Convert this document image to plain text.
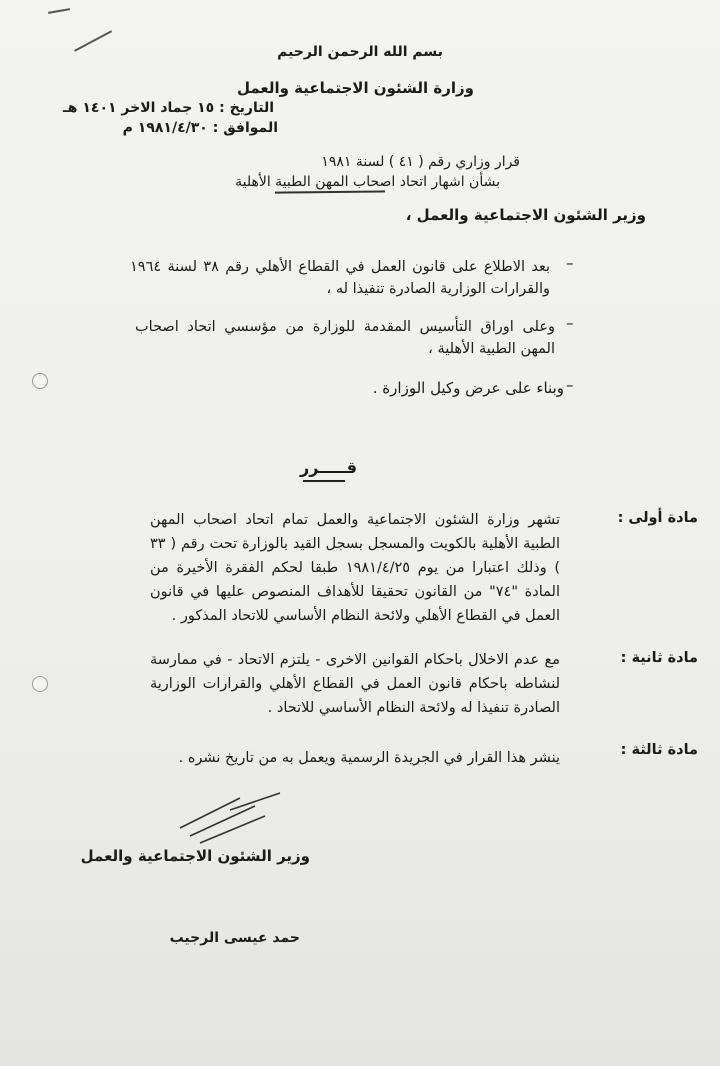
بسم الله الرحمن الرحيم
وزارة الشئون الاجتماعية والعمل
التاريخ : ١٥ جماد الاخر ١٤٠١ هـ
الموافق : ١٩٨١/٤/٣٠ م
قرار وزاري رقم ( ٤١ ) لسنة ١٩٨١
بشأن اشهار اتحاد اصحاب المهن الطبية الأهلية
وزير الشئون الاجتماعية والعمل ،
–
بعد الاطلاع على قانون العمل في القطاع الأهلي رقم ٣٨ لسنة ١٩٦٤ والقرارات الوزارية الصادرة تنفيذا له ،
–
وعلى اوراق التأسيس المقدمة للوزارة من مؤسسي اتحاد اصحاب المهن الطبية الأهلية ،
–
وبناء على عرض وكيل الوزارة .
قـــــرر
مادة أولى :
تشهر وزارة الشئون الاجتماعية والعمل تمام اتحاد اصحاب المهن الطبية الأهلية بالكويت والمسجل بسجل القيد بالوزارة تحت رقم ( ٣٣ ) وذلك اعتبارا من يوم ١٩٨١/٤/٢٥ طبقا لحكم الفقرة الأخيرة من المادة "٧٤" من القانون تحقيقا للأهداف المنصوص عليها في قانون العمل في القطاع الأهلي ولائحة النظام الأساسي للاتحاد المذكور .
مادة ثانية :
مع عدم الاخلال باحكام القوانين الاخرى - يلتزم الاتحاد - في ممارسة لنشاطه باحكام قانون العمل في القطاع الأهلي والقرارات الوزارية الصادرة تنفيذا له ولائحة النظام الأساسي للاتحاد .
مادة ثالثة :
ينشر هذا القرار في الجريدة الرسمية ويعمل به من تاريخ نشره .
وزير الشئون الاجتماعية والعمل
حمد عيسى الرجيب
